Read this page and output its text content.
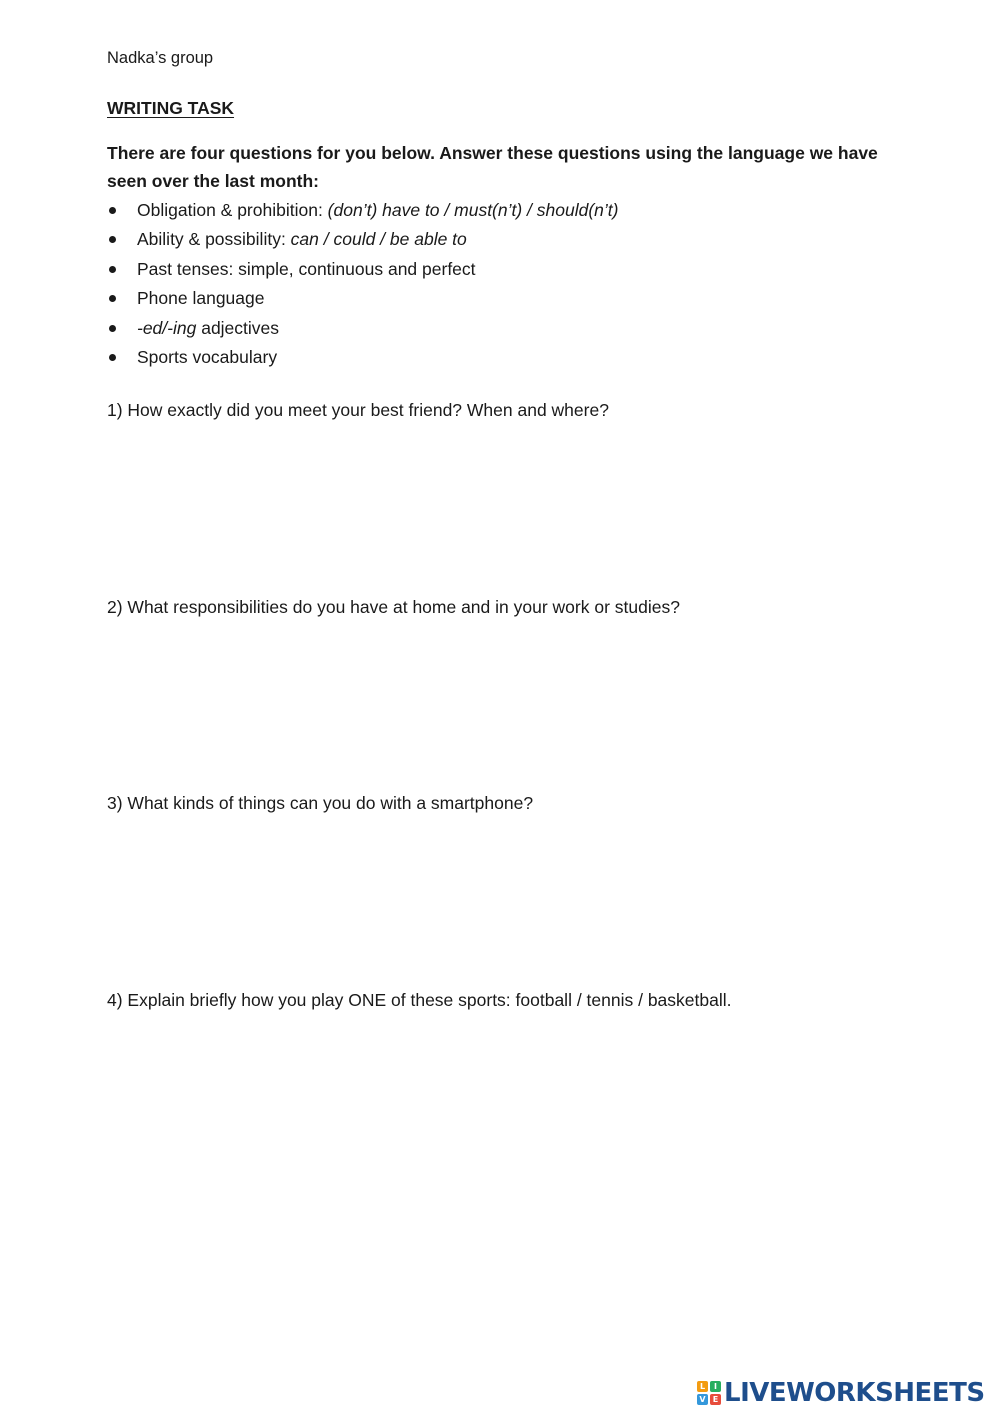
Nadka’s group
WRITING TASK
There are four questions for you below. Answer these questions using the language we have seen over the last month:
Obligation & prohibition: (don’t) have to / must(n’t) / should(n’t)
Ability & possibility: can / could / be able to
Past tenses: simple, continuous and perfect
Phone language
-ed/-ing adjectives
Sports vocabulary
1) How exactly did you meet your best friend? When and where?
2) What responsibilities do you have at home and in your work or studies?
3) What kinds of things can you do with a smartphone?
4) Explain briefly how you play ONE of these sports: football / tennis / basketball.
L	I
V E LIVEWORKSHEETS
